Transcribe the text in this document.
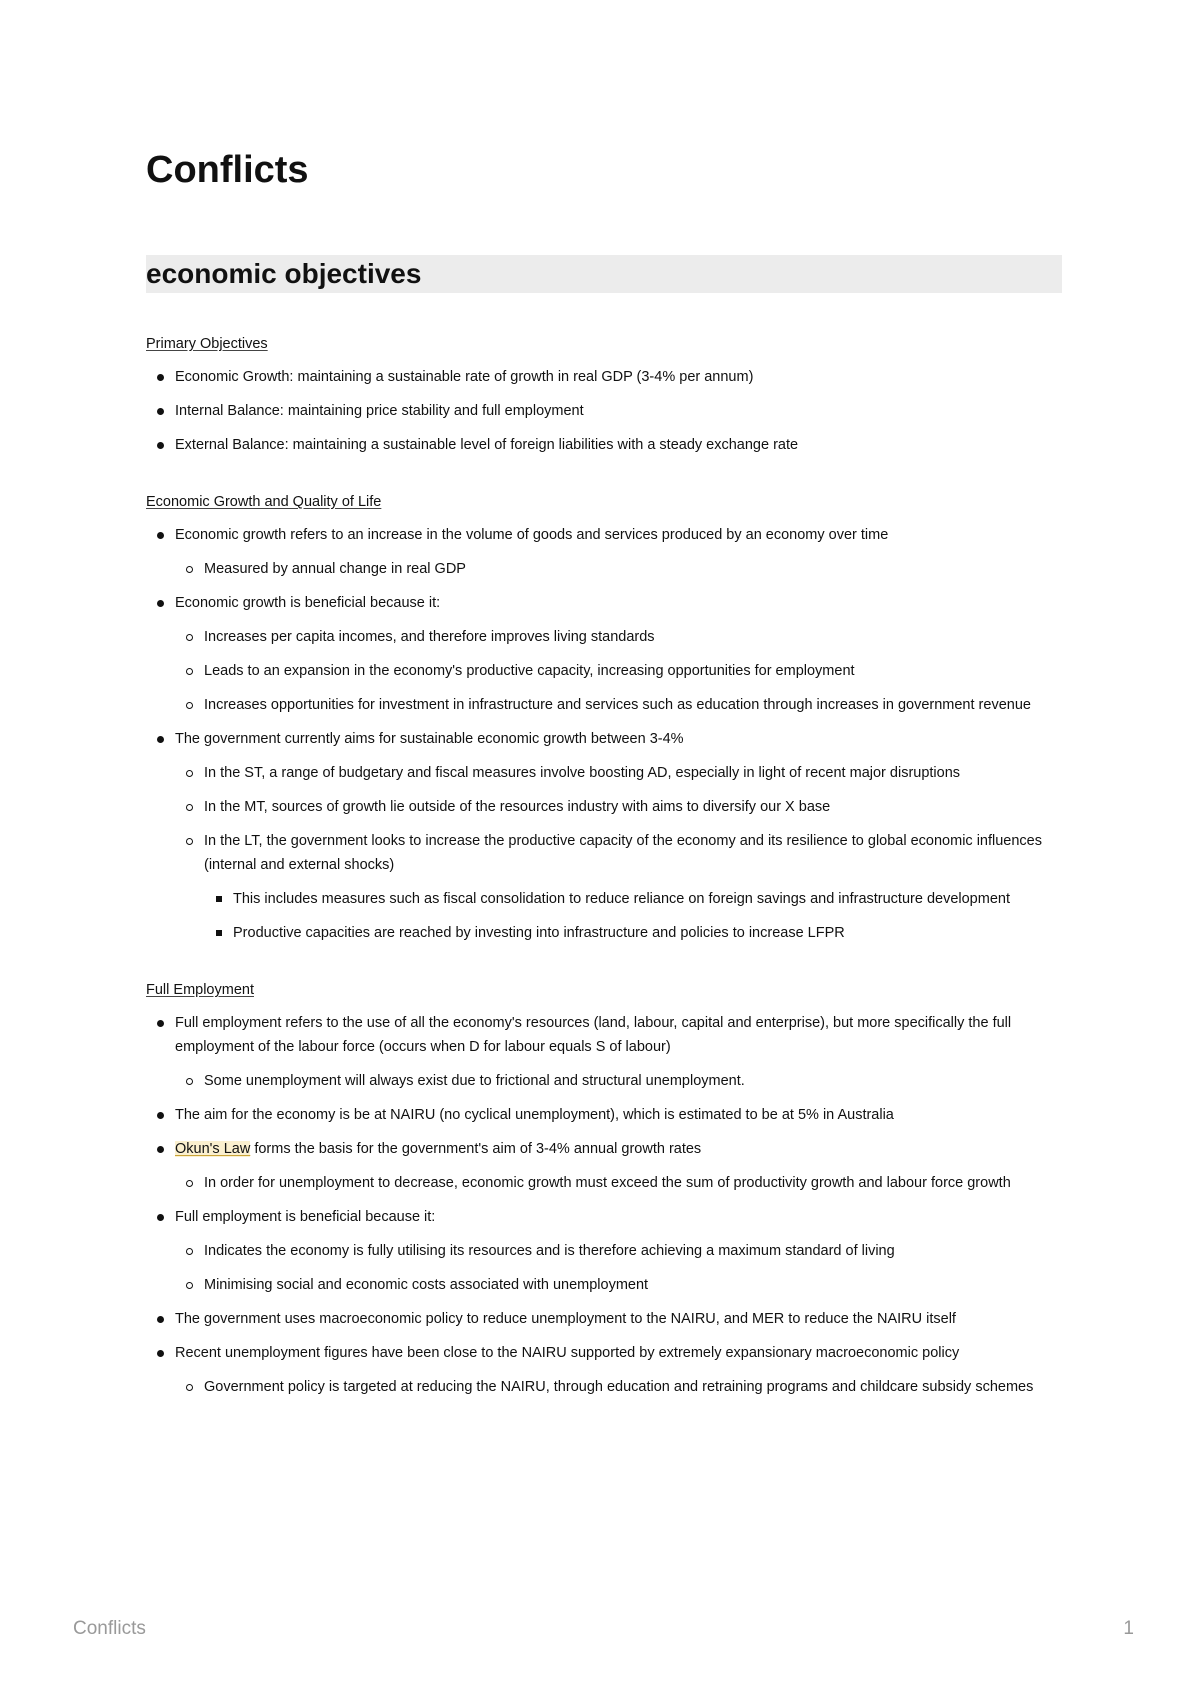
Conflicts
economic objectives
Primary Objectives
Economic Growth: maintaining a sustainable rate of growth in real GDP (3-4% per annum)
Internal Balance: maintaining price stability and full employment
External Balance: maintaining a sustainable level of foreign liabilities with a steady exchange rate
Economic Growth and Quality of Life
Economic growth refers to an increase in the volume of goods and services produced by an economy over time
Measured by annual change in real GDP
Economic growth is beneficial because it:
Increases per capita incomes, and therefore improves living standards
Leads to an expansion in the economy's productive capacity, increasing opportunities for employment
Increases opportunities for investment in infrastructure and services such as education through increases in government revenue
The government currently aims for sustainable economic growth between 3-4%
In the ST, a range of budgetary and fiscal measures involve boosting AD, especially in light of recent major disruptions
In the MT, sources of growth lie outside of the resources industry with aims to diversify our X base
In the LT, the government looks to increase the productive capacity of the economy and its resilience to global economic influences (internal and external shocks)
This includes measures such as fiscal consolidation to reduce reliance on foreign savings and infrastructure development
Productive capacities are reached by investing into infrastructure and policies to increase LFPR
Full Employment
Full employment refers to the use of all the economy's resources (land, labour, capital and enterprise), but more specifically the full employment of the labour force (occurs when D for labour equals S of labour)
Some unemployment will always exist due to frictional and structural unemployment.
The aim for the economy is be at NAIRU (no cyclical unemployment), which is estimated to be at 5% in Australia
Okun's Law forms the basis for the government's aim of 3-4% annual growth rates
In order for unemployment to decrease, economic growth must exceed the sum of productivity growth and labour force growth
Full employment is beneficial because it:
Indicates the economy is fully utilising its resources and is therefore achieving a maximum standard of living
Minimising social and economic costs associated with unemployment
The government uses macroeconomic policy to reduce unemployment to the NAIRU, and MER to reduce the NAIRU itself
Recent unemployment figures have been close to the NAIRU supported by extremely expansionary macroeconomic policy
Government policy is targeted at reducing the NAIRU, through education and retraining programs and childcare subsidy schemes
Conflicts	1
